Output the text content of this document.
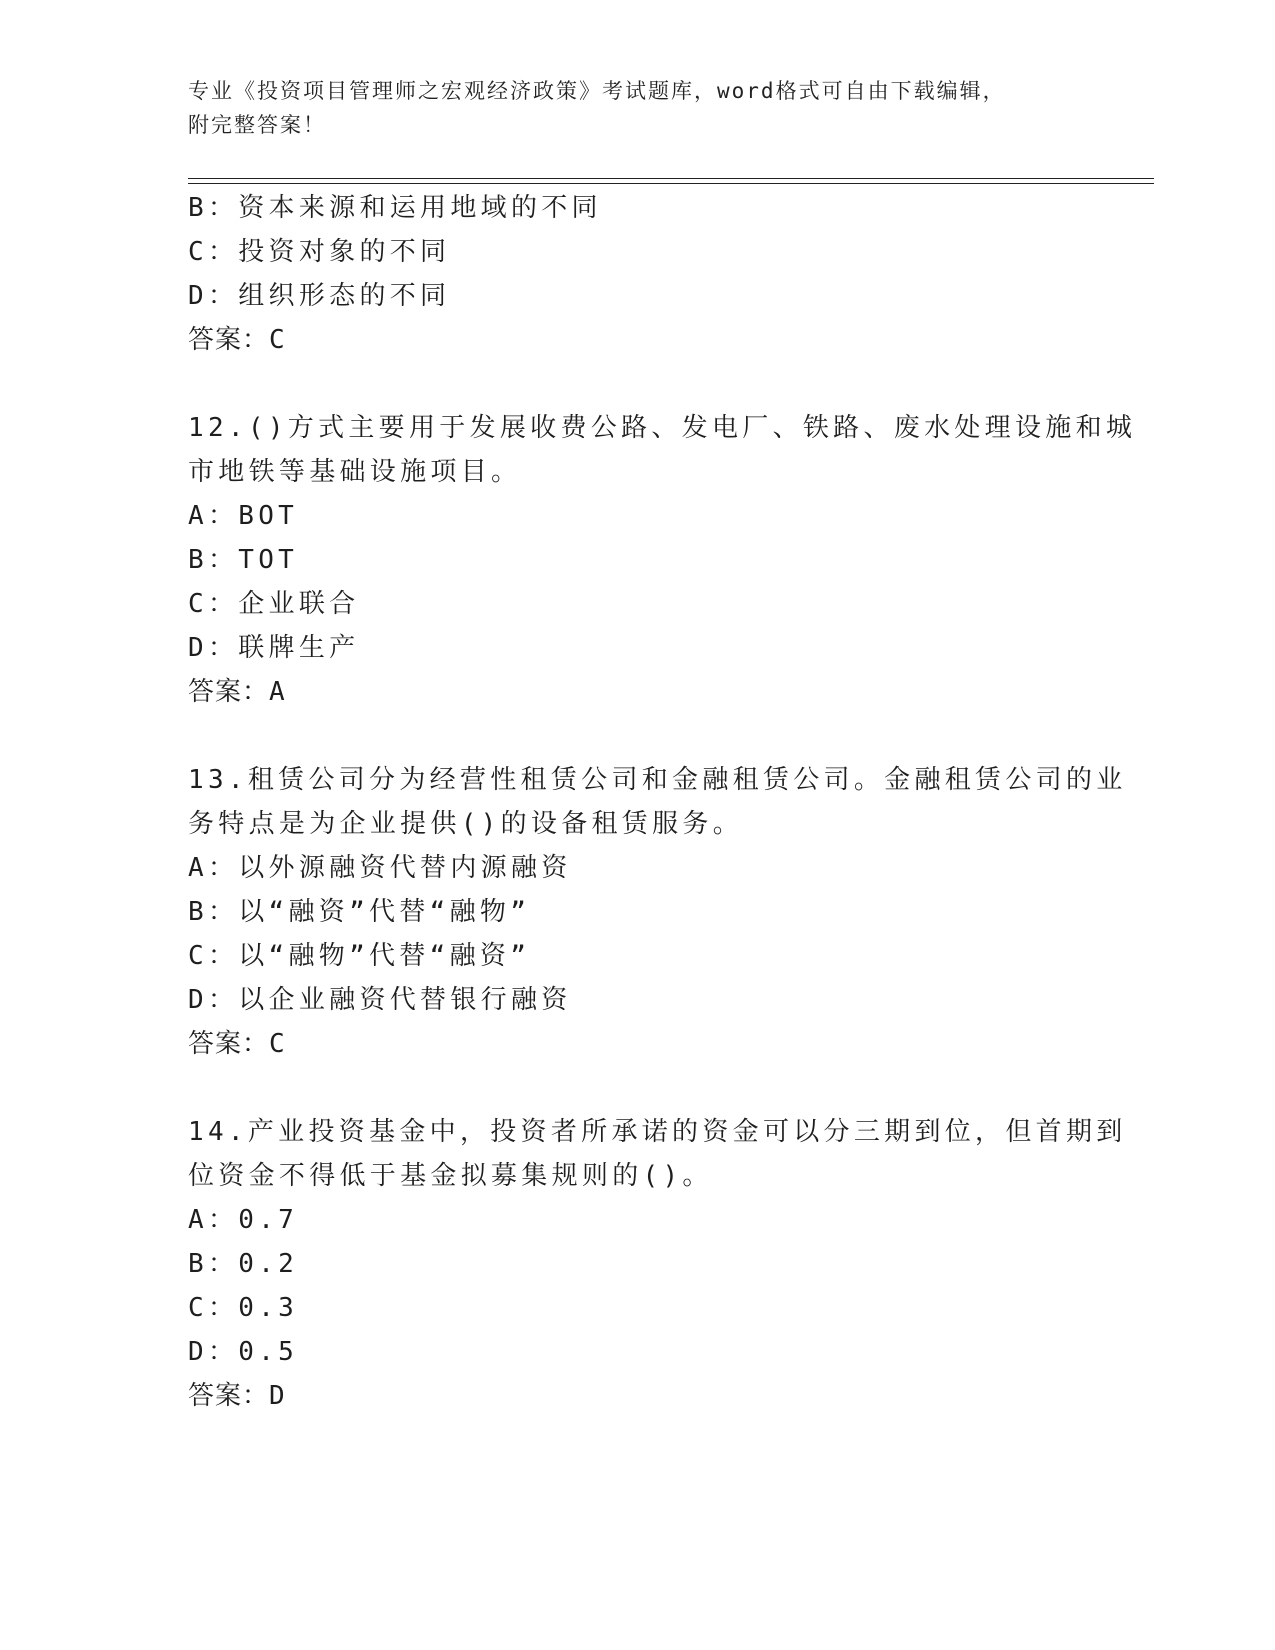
专业《投资项目管理师之宏观经济政策》考试题库，word格式可自由下载编辑，
附完整答案！
B：资本来源和运用地域的不同
C：投资对象的不同
D：组织形态的不同
答案：C
12.()方式主要用于发展收费公路、发电厂、铁路、废水处理设施和城
市地铁等基础设施项目。
A：BOT
B：TOT
C：企业联合
D：联牌生产
答案：A
13.租赁公司分为经营性租赁公司和金融租赁公司。金融租赁公司的业
务特点是为企业提供()的设备租赁服务。
A：以外源融资代替内源融资
B：以“融资”代替“融物”
C：以“融物”代替“融资”
D：以企业融资代替银行融资
答案：C
14.产业投资基金中，投资者所承诺的资金可以分三期到位，但首期到
位资金不得低于基金拟募集规则的()。
A：0.7
B：0.2
C：0.3
D：0.5
答案：D
